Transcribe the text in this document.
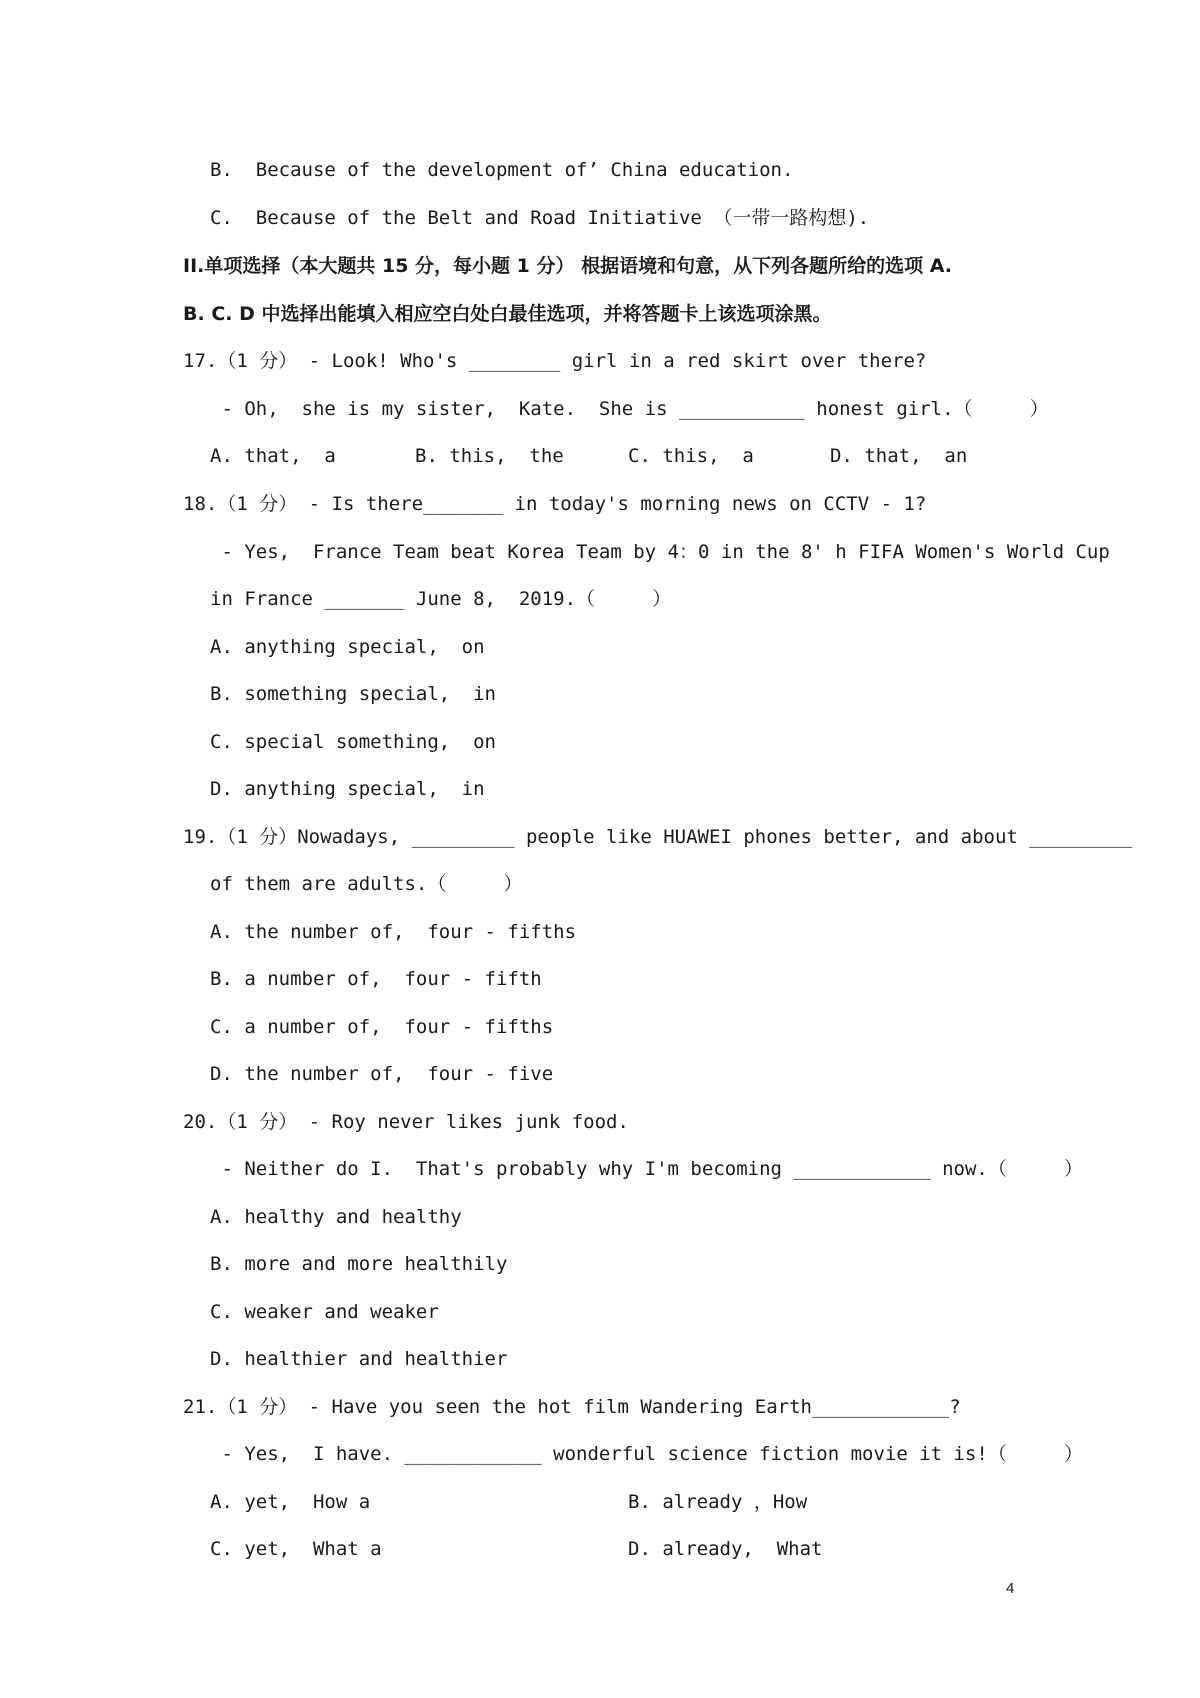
B.  Because of the development of’ China education.
C.  Because of the Belt and Road Initiative （一带一路构想).
II.单项选择（本大题共 15 分，每小题 1 分） 根据语境和句意，从下列各题所给的选项 A.
B. C. D 中选择出能填入相应空白处白最佳选项，并将答题卡上该选项涂黑。
17.（1 分） - Look! Who's ________ girl in a red skirt over there?
- Oh,  she is my sister,  Kate.  She is ___________ honest girl.（     ）

A. that,  a

	B. this,  the

	C. this,  a

	D. that,  an

18.（1 分） - Is there_______ in today's morning news on CCTV - 1?
- Yes,  France Team beat Korea Team by 4：0 in the 8' h FIFA Women's World Cup
in France _______ June 8,  2019.（     ）
A. anything special,  on
B. something special,  in
C. special something,  on
D. anything special,  in
19.（1 分）Nowadays, _________ people like HUAWEI phones better, and about _________
of them are adults.（     ）
A. the number of,  four - fifths
B. a number of,  four - fifth
C. a number of,  four - fifths
D. the number of,  four - five
20.（1 分） - Roy never likes junk food.
- Neither do I.  That's probably why I'm becoming ____________ now.（     ）
A. healthy and healthy
B. more and more healthily
C. weaker and weaker
D. healthier and healthier
21.（1 分） - Have you seen the hot film Wandering Earth____________?
- Yes,  I have. ____________ wonderful science fiction movie it is!（     ）

A. yet,  How a

	B. already ，How

C. yet,  What a

	D. already,  What

4
